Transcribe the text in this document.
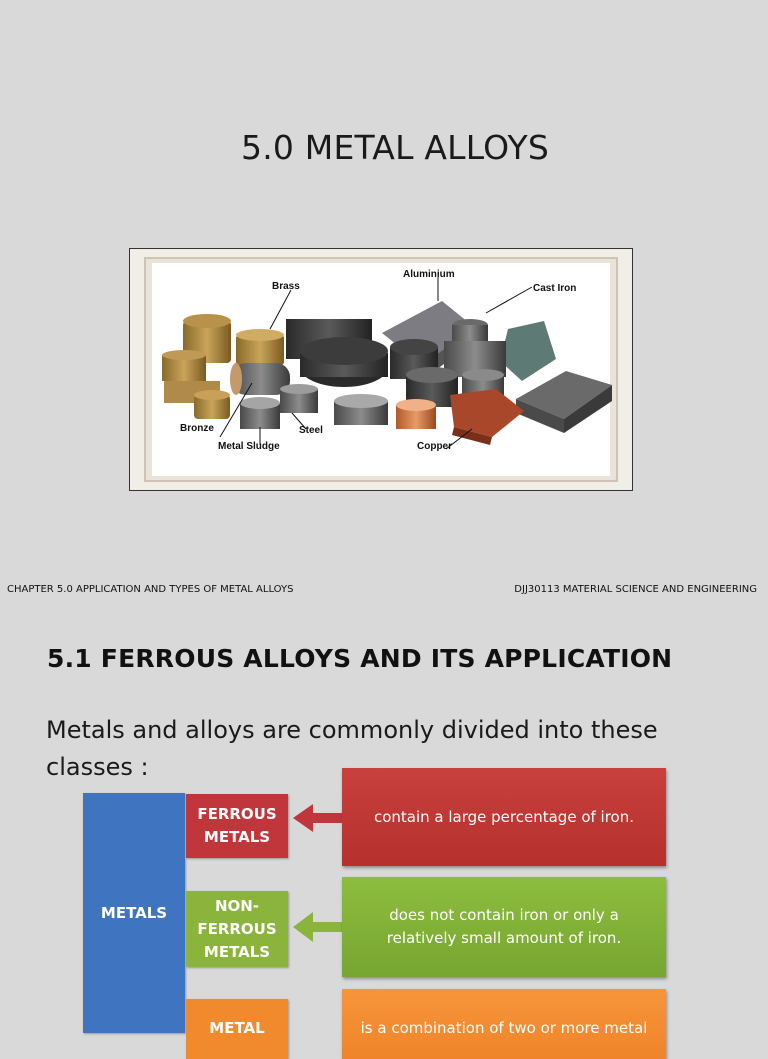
5.0 METAL ALLOYS
Brass
Aluminium
Cast Iron
Bronze	Steel
Metal Sludge	Copper
CHAPTER 5.0 APPLICATION AND TYPES OF METAL ALLOYS	DJJ30113 MATERIAL SCIENCE AND ENGINEERING
5.1 FERROUS ALLOYS AND ITS APPLICATION
Metals and alloys are commonly divided into these classes :
METALS
FERROUS
METALS
NON-
FERROUS
METALS
METAL
contain a large percentage of iron.
does not contain iron or only a relatively small amount of iron.
is a combination of two or more metal
